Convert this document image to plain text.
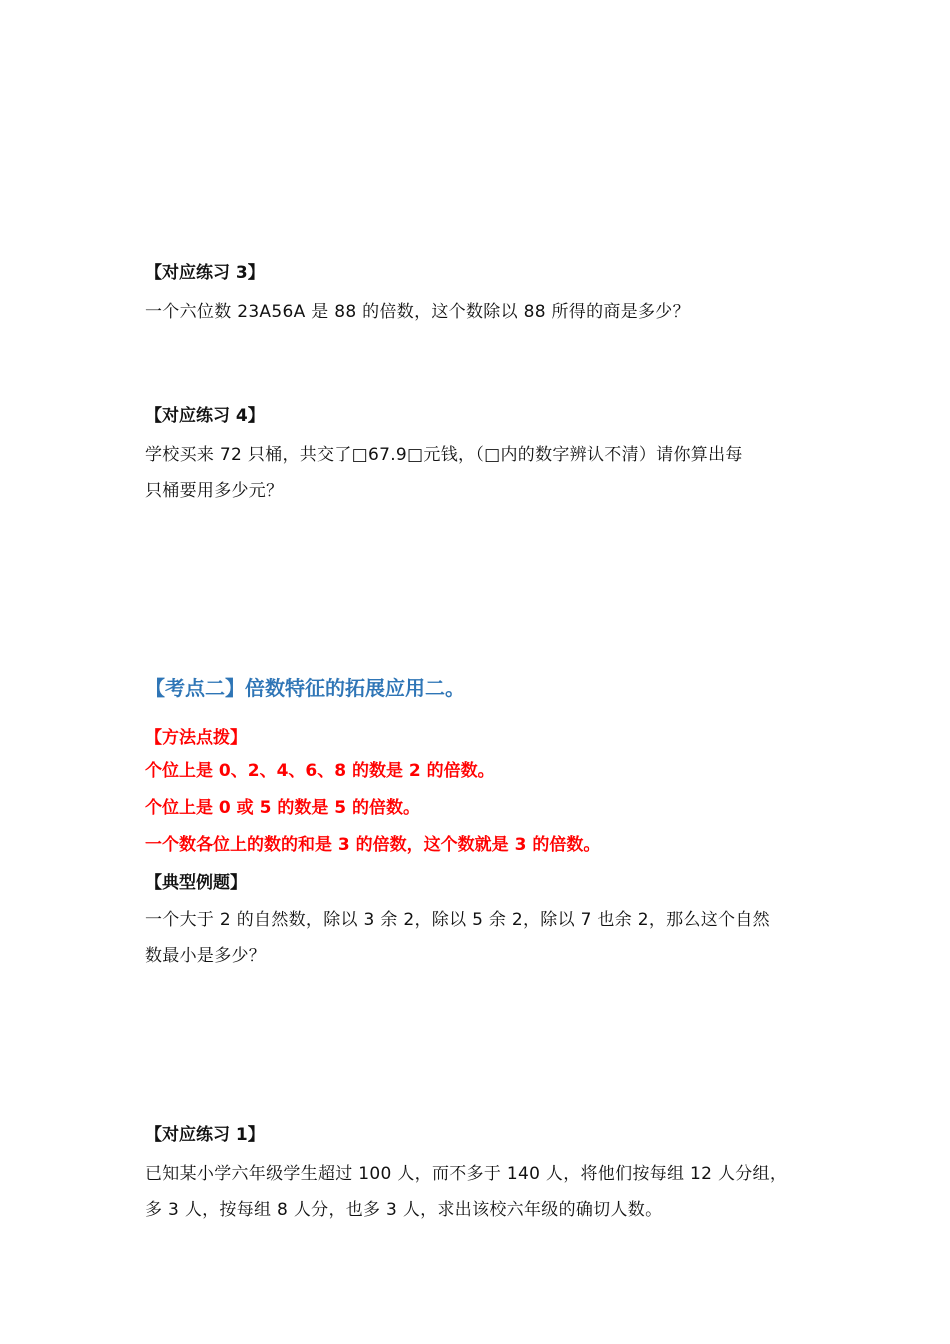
【对应练习 3】

一个六位数 23A56A 是 88 的倍数，这个数除以 88 所得的商是多少？

【对应练习 4】

学校买来 72 只桶，共交了□67.9□元钱，（□内的数字辨认不清）请你算出每

只桶要用多少元？

【考点二】倍数特征的拓展应用二。

【方法点拨】

个位上是 0、2、4、6、8 的数是 2 的倍数。

个位上是 0 或 5 的数是 5 的倍数。

一个数各位上的数的和是 3 的倍数，这个数就是 3 的倍数。

【典型例题】

一个大于 2 的自然数，除以 3 余 2，除以 5 余 2，除以 7 也余 2，那么这个自然

数最小是多少？

【对应练习 1】

已知某小学六年级学生超过 100 人，而不多于 140 人，将他们按每组 12 人分组，

多 3 人，按每组 8 人分，也多 3 人，求出该校六年级的确切人数。
